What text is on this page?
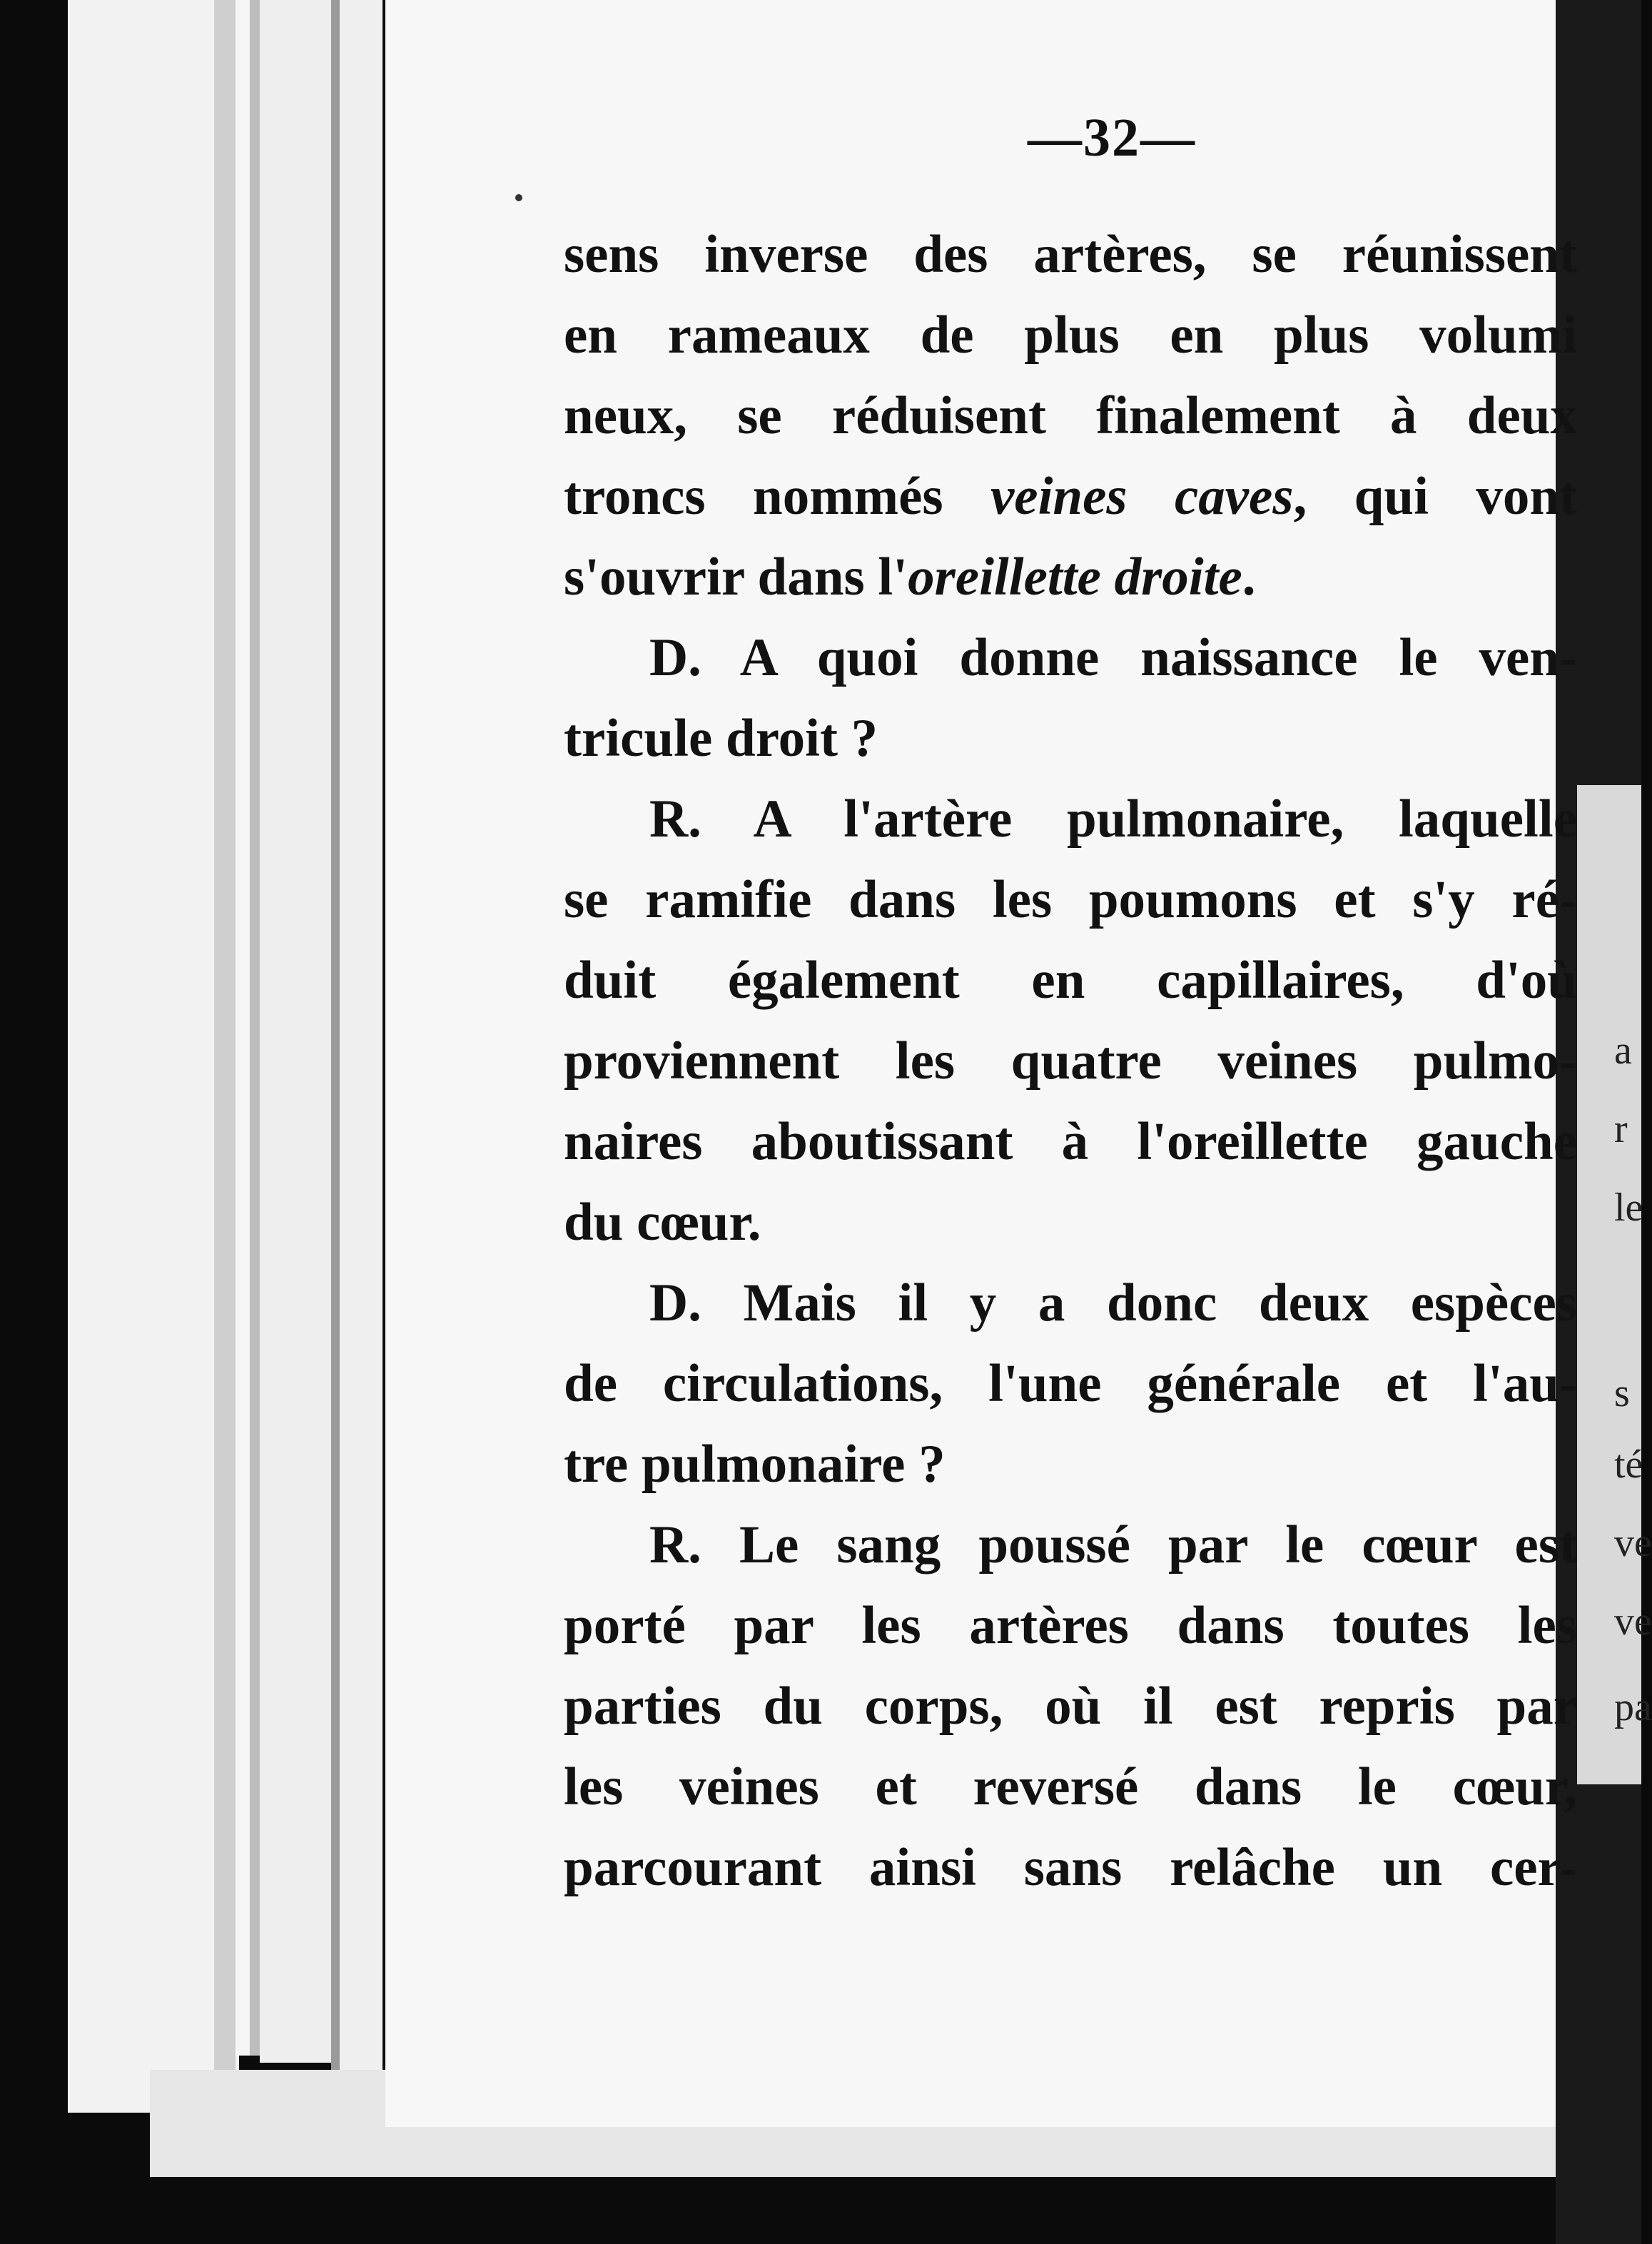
a
r
le
s
té
ve
ve
pa
—32—
sens inverse des artères, se réunissent
en rameaux de plus en plus volumi
neux, se réduisent finalement à deux
troncs nommés veines caves, qui vont
s'ouvrir dans l'oreillette droite.
D. A quoi donne naissance le ven-
tricule droit ?
R. A l'artère pulmonaire, laquelle
se ramifie dans les poumons et s'y ré-
duit également en capillaires, d'où
proviennent les quatre veines pulmo-
naires aboutissant à l'oreillette gauche
du cœur.
D. Mais il y a donc deux espèces
de circulations, l'une générale et l'au-
tre pulmonaire ?
R. Le sang poussé par le cœur est
porté par les artères dans toutes les
parties du corps, où il est repris par
les veines et reversé dans le cœur,
parcourant ainsi sans relâche un cer-
